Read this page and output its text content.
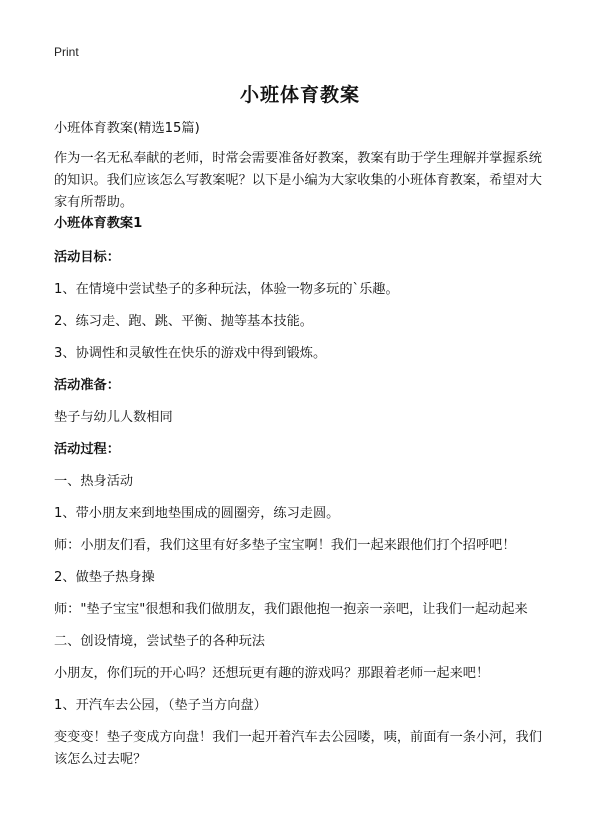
Print
小班体育教案

小班体育教案(精选15篇)

作为一名无私奉献的老师，时常会需要准备好教案，教案有助于学生理解并掌握系统的知识。我们应该怎么写教案呢？以下是小编为大家收集的小班体育教案，希望对大家有所帮助。

小班体育教案1

活动目标：

1、在情境中尝试垫子的多种玩法，体验一物多玩的`乐趣。

2、练习走、跑、跳、平衡、抛等基本技能。

3、协调性和灵敏性在快乐的游戏中得到锻炼。

活动准备：

垫子与幼儿人数相同

活动过程：

一、热身活动

1、带小朋友来到地垫围成的圆圈旁，练习走圆。

师：小朋友们看，我们这里有好多垫子宝宝啊！我们一起来跟他们打个招呼吧！

2、做垫子热身操

师："垫子宝宝"很想和我们做朋友，我们跟他抱一抱亲一亲吧，让我们一起动起来

二、创设情境，尝试垫子的各种玩法

小朋友，你们玩的开心吗？还想玩更有趣的游戏吗？那跟着老师一起来吧！

1、开汽车去公园，（垫子当方向盘）

变变变！垫子变成方向盘！我们一起开着汽车去公园喽，咦，前面有一条小河，我们该怎么过去呢？
